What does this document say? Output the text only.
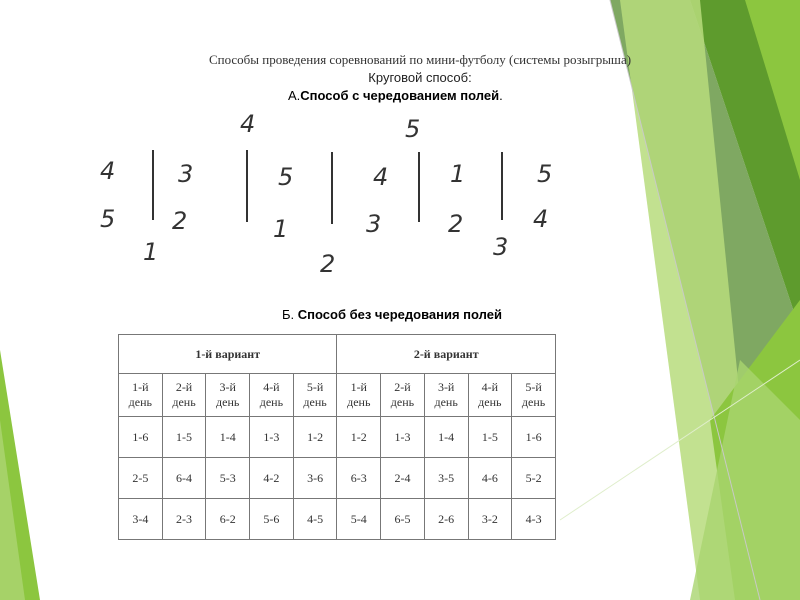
Способы проведения соревнований по мини-футболу (системы розыгрыша)
Круговой способ:
А.Способ с чередованием полей.
4	5
4	3
5 2
1
5
1
2
4
3
1
2
3
5
4
Б. Способ без чередования полей
1-й вариант					2-й вариант				
1-й
день	2-й
день	3-й
день	4-й
день	5-й
день	1-й
день	2-й
день	3-й
день	4-й
день	5-й
день
1-6	1-5	1-4	1-3	1-2	1-2	1-3	1-4	1-5	1-6
2-5	6-4	5-3	4-2	3-6	6-3	2-4	3-5	4-6	5-2
3-4	2-3	6-2	5-6	4-5	5-4	6-5	2-6	3-2	4-3
